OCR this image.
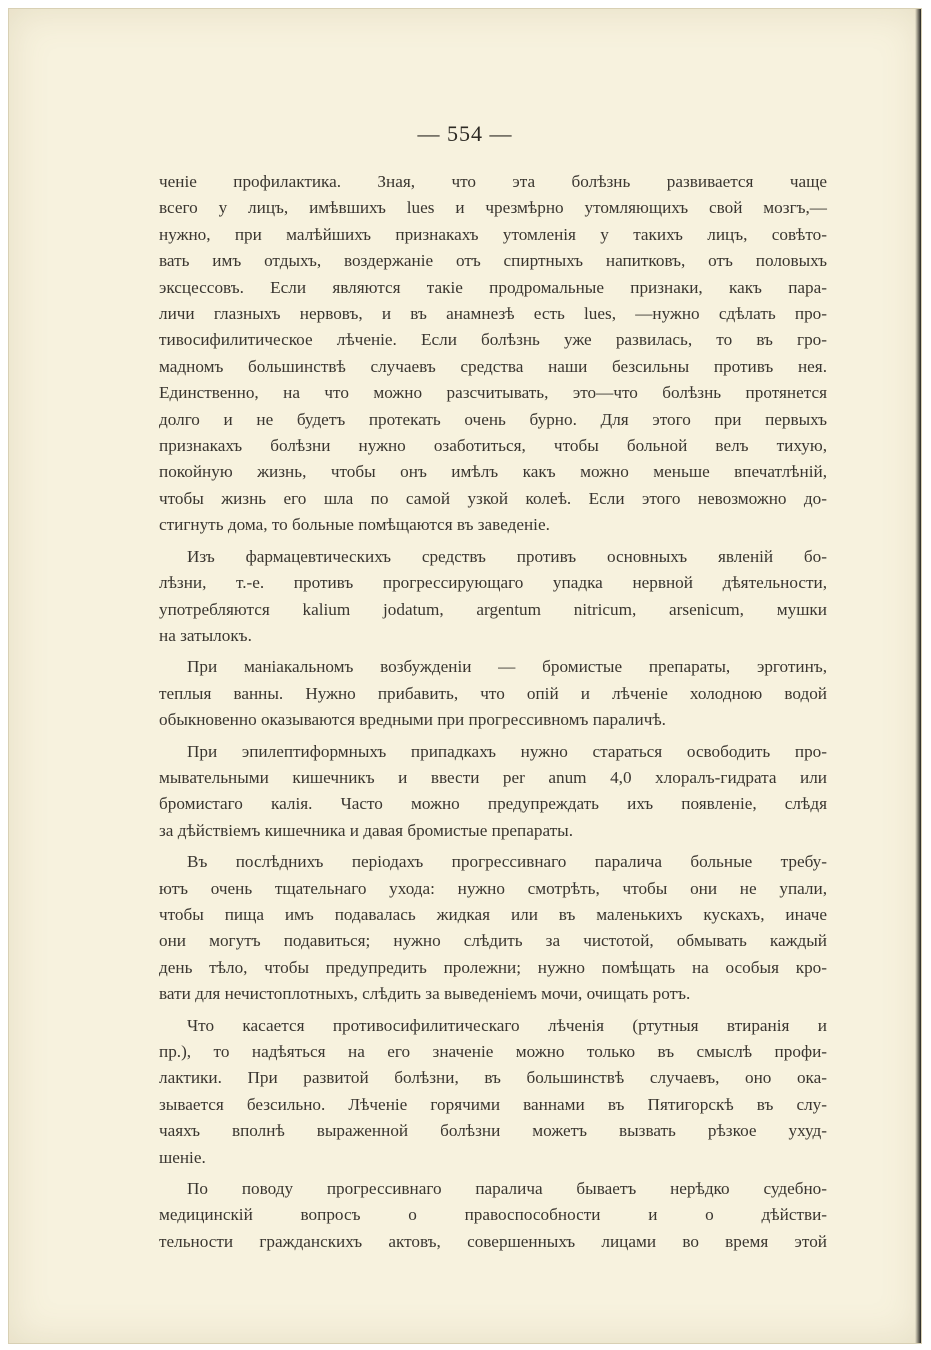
— 554 —
ченіе профилактика. Зная, что эта болѣзнь развивается чаще
всего у лицъ, имѣвшихъ lues и чрезмѣрно утомляющихъ свой мозгъ,—
нужно, при малѣйшихъ признакахъ утомленія у такихъ лицъ, совѣто-
вать имъ отдыхъ, воздержаніе отъ спиртныхъ напитковъ, отъ половыхъ
эксцессовъ. Если являются такіе продромальные признаки, какъ пара-
личи глазныхъ нервовъ, и въ анамнезѣ есть lues, —нужно сдѣлать про-
тивосифилитическое лѣченіе. Если болѣзнь уже развилась, то въ гро-
мадномъ большинствѣ случаевъ средства наши безсильны противъ нея.
Единственно, на что можно разсчитывать, это—что болѣзнь протянется
долго и не будетъ протекать очень бурно. Для этого при первыхъ
признакахъ болѣзни нужно озаботиться, чтобы больной велъ тихую,
покойную жизнь, чтобы онъ имѣлъ какъ можно меньше впечатлѣній,
чтобы жизнь его шла по самой узкой колеѣ. Если этого невозможно до-
стигнуть дома, то больные помѣщаются въ заведеніе.
Изъ фармацевтическихъ средствъ противъ основныхъ явленій бо-
лѣзни, т.-е. противъ прогрессирующаго упадка нервной дѣятельности,
употребляются kalium jodatum, argentum nitricum, arsenicum, мушки
на затылокъ.
При маніакальномъ возбужденіи — бромистые препараты, эрготинъ,
теплыя ванны. Нужно прибавить, что опій и лѣченіе холодною водой
обыкновенно оказываются вредными при прогрессивномъ параличѣ.
При эпилептиформныхъ припадкахъ нужно стараться освободить про-
мывательными кишечникъ и ввести per anum 4,0 хлоралъ-гидрата или
бромистаго калія. Часто можно предупреждать ихъ появленіе, слѣдя
за дѣйствіемъ кишечника и давая бромистые препараты.
Въ послѣднихъ періодахъ прогрессивнаго паралича больные требу-
ютъ очень тщательнаго ухода: нужно смотрѣть, чтобы они не упали,
чтобы пища имъ подавалась жидкая или въ маленькихъ кускахъ, иначе
они могутъ подавиться; нужно слѣдить за чистотой, обмывать каждый
день тѣло, чтобы предупредить пролежни; нужно помѣщать на особыя кро-
вати для нечистоплотныхъ, слѣдить за выведеніемъ мочи, очищать ротъ.
Что касается противосифилитическаго лѣченія (ртутныя втиранія и
пр.), то надѣяться на его значеніе можно только въ смыслѣ профи-
лактики. При развитой болѣзни, въ большинствѣ случаевъ, оно ока-
зывается безсильно. Лѣченіе горячими ваннами въ Пятигорскѣ въ слу-
чаяхъ вполнѣ выраженной болѣзни можетъ вызвать рѣзкое ухуд-
шеніе.
По поводу прогрессивнаго паралича бываетъ нерѣдко судебно-
медицинскій вопросъ о правоспособности и о дѣйстви-
тельности гражданскихъ актовъ, совершенныхъ лицами во время этой
